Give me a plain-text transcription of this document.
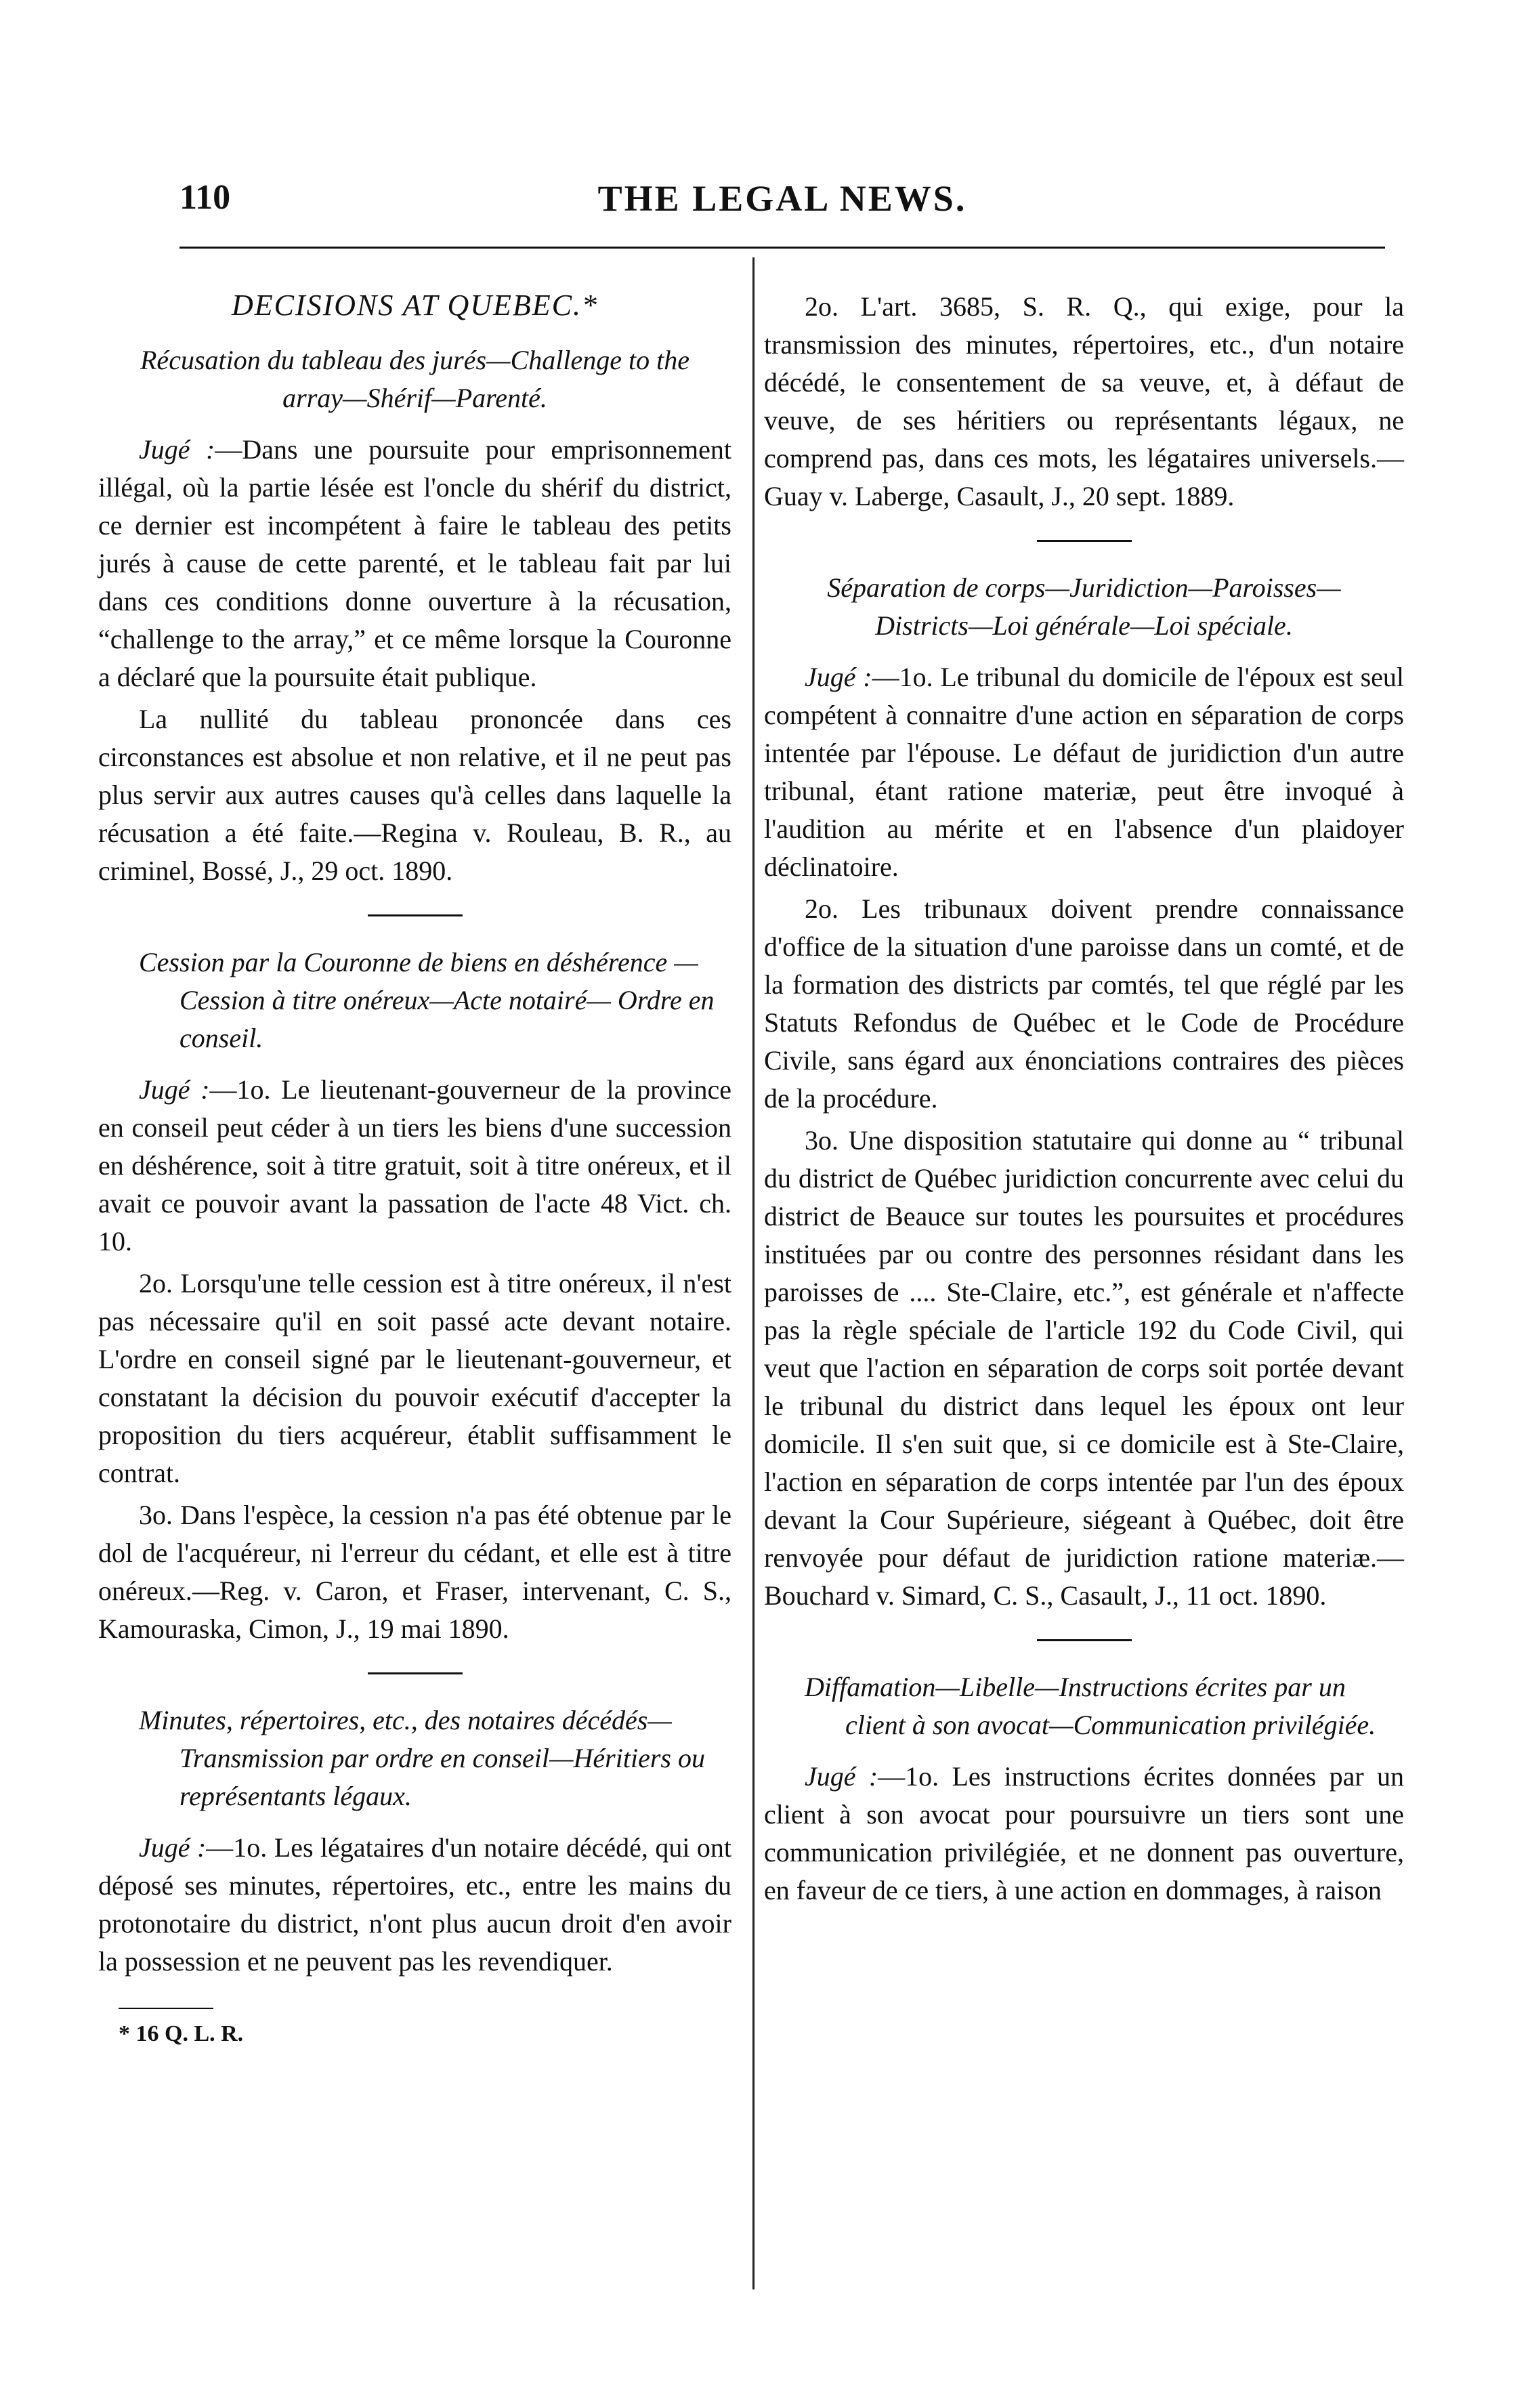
110	THE LEGAL NEWS.
DECISIONS AT QUEBEC.*
Récusation du tableau des jurés—Challenge to the array—Shérif—Parenté.

Jugé :—Dans une poursuite pour emprisonnement illégal, où la partie lésée est l'oncle du shérif du district, ce dernier est incompétent à faire le tableau des petits jurés à cause de cette parenté, et le tableau fait par lui dans ces conditions donne ouverture à la récusation, “challenge to the array,” et ce même lorsque la Couronne a déclaré que la poursuite était publique.

La nullité du tableau prononcée dans ces circonstances est absolue et non relative, et il ne peut pas plus servir aux autres causes qu'à celles dans laquelle la récusation a été faite.—Regina v. Rouleau, B. R., au criminel, Bossé, J., 29 oct. 1890.

Cession par la Couronne de biens en déshérence —Cession à titre onéreux—Acte notairé— Ordre en conseil.

Jugé :—1o. Le lieutenant-gouverneur de la province en conseil peut céder à un tiers les biens d'une succession en déshérence, soit à titre gratuit, soit à titre onéreux, et il avait ce pouvoir avant la passation de l'acte 48 Vict. ch. 10.

2o. Lorsqu'une telle cession est à titre onéreux, il n'est pas nécessaire qu'il en soit passé acte devant notaire. L'ordre en conseil signé par le lieutenant-gouverneur, et constatant la décision du pouvoir exécutif d'accepter la proposition du tiers acquéreur, établit suffisamment le contrat.

3o. Dans l'espèce, la cession n'a pas été obtenue par le dol de l'acquéreur, ni l'erreur du cédant, et elle est à titre onéreux.—Reg. v. Caron, et Fraser, intervenant, C. S., Kamouraska, Cimon, J., 19 mai 1890.

Minutes, répertoires, etc., des notaires décédés— Transmission par ordre en conseil—Héritiers ou représentants légaux.

Jugé :—1o. Les légataires d'un notaire décédé, qui ont déposé ses minutes, répertoires, etc., entre les mains du protonotaire du district, n'ont plus aucun droit d'en avoir la possession et ne peuvent pas les revendiquer.

* 16 Q. L. R.

2o. L'art. 3685, S. R. Q., qui exige, pour la transmission des minutes, répertoires, etc., d'un notaire décédé, le consentement de sa veuve, et, à défaut de veuve, de ses héritiers ou représentants légaux, ne comprend pas, dans ces mots, les légataires universels.—Guay v. Laberge, Casault, J., 20 sept. 1889.

Séparation de corps—Juridiction—Paroisses— Districts—Loi générale—Loi spéciale.

Jugé :—1o. Le tribunal du domicile de l'époux est seul compétent à connaitre d'une action en séparation de corps intentée par l'épouse. Le défaut de juridiction d'un autre tribunal, étant ratione materiæ, peut être invoqué à l'audition au mérite et en l'absence d'un plaidoyer déclinatoire.

2o. Les tribunaux doivent prendre connaissance d'office de la situation d'une paroisse dans un comté, et de la formation des districts par comtés, tel que réglé par les Statuts Refondus de Québec et le Code de Procédure Civile, sans égard aux énonciations contraires des pièces de la procédure.

3o. Une disposition statutaire qui donne au “ tribunal du district de Québec juridiction concurrente avec celui du district de Beauce sur toutes les poursuites et procédures instituées par ou contre des personnes résidant dans les paroisses de .... Ste-Claire, etc.”, est générale et n'affecte pas la règle spéciale de l'article 192 du Code Civil, qui veut que l'action en séparation de corps soit portée devant le tribunal du district dans lequel les époux ont leur domicile. Il s'en suit que, si ce domicile est à Ste-Claire, l'action en séparation de corps intentée par l'un des époux devant la Cour Supérieure, siégeant à Québec, doit être renvoyée pour défaut de juridiction ratione materiæ.—Bouchard v. Simard, C. S., Casault, J., 11 oct. 1890.

Diffamation—Libelle—Instructions écrites par un client à son avocat—Communication privilégiée.

Jugé :—1o. Les instructions écrites données par un client à son avocat pour poursuivre un tiers sont une communication privilégiée, et ne donnent pas ouverture, en faveur de ce tiers, à une action en dommages, à raison
